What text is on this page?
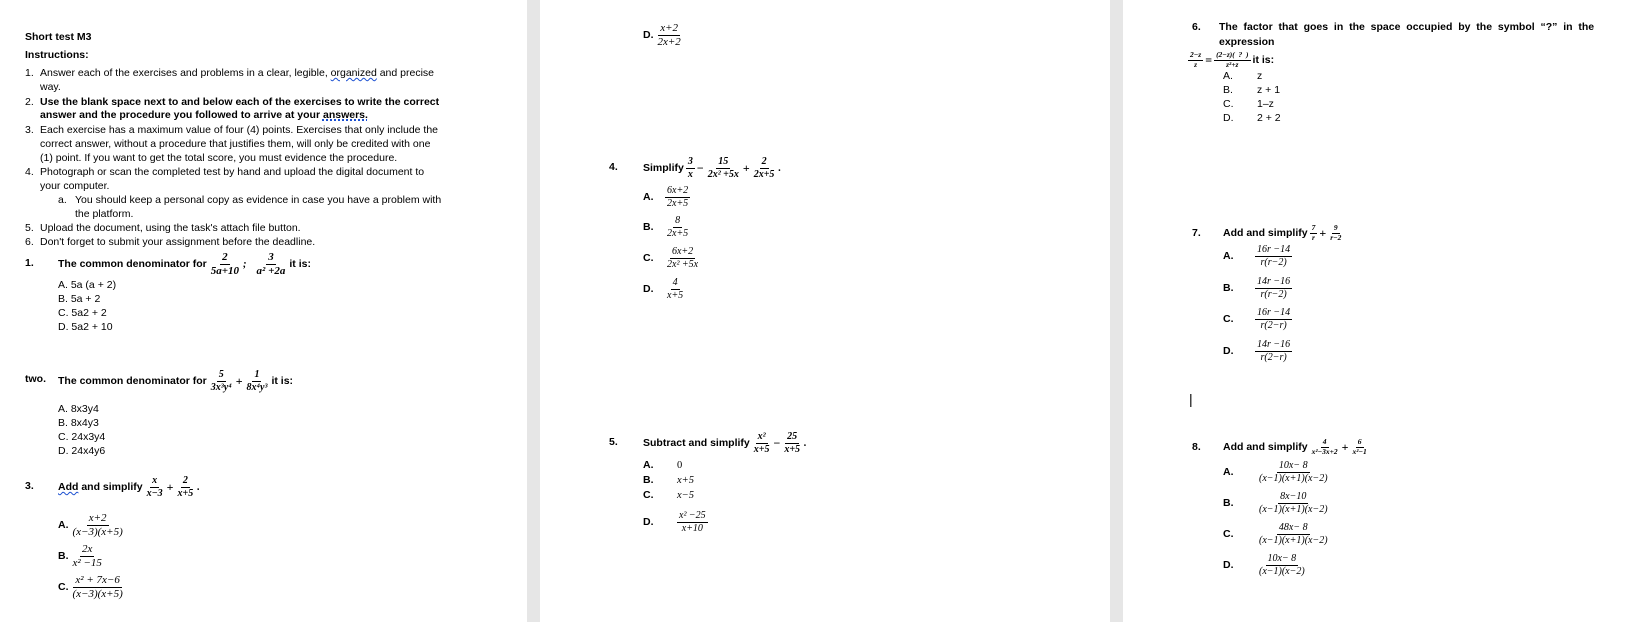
Short test M3
Instructions:
1. Answer each of the exercises and problems in a clear, legible, organized and precise
way.
2. Use the blank space next to and below each of the exercises to write the correct
answer and the procedure you followed to arrive at your answers.
3. Each exercise has a maximum value of four (4) points. Exercises that only include the
correct answer, without a procedure that justifies them, will only be credited with one
(1) point. If you want to get the total score, you must evidence the procedure.
4. Photograph or scan the completed test by hand and upload the digital document to
your computer.
a. You should keep a personal copy as evidence in case you have a problem with
the platform.
5. Upload the document, using the task's attach file button.
6. Don't forget to submit your assignment before the deadline.
1. The common denominator for $\frac{2}{5a+10}$ ; $\frac{3}{\text{a² +2a}}$ it is:
A. 5a (a + 2)
B. 5a + 2
C. 5a2 + 2
D. 5a2 + 10
two. The common denominator for $\frac{5}{\text{3x³y⁴}} + \frac{1}{\text{8x⁴y³}}$ it is:
A. 8x3y4
B. 8x4y3
C. 24x3y4
D. 24x4y6
3. Add and simplify $\frac{x}{x-3} + \frac{2}{x+5}$ .
A. $\frac{x+2}{(x-3)(x+5)}$
B. $\frac{2x}{\text{x² −15}}$
C. $\frac{\text{x² + 7x−6}}{(x-3)(x+5)}$
D. $\frac{x+2}{2x+2}$
4. Simplify $\frac{3}{x} - \frac{15}{\text{2x² +5x}} + \frac{2}{2x+5}$ .
A.	$\frac{6x+2}{2x+5}$
B.	$\frac{8}{2x+5}$
C.	$\frac{6x+2}{\text{2x² +5x}}$
D.	$\frac{4}{x+5}$
5. Subtract and simplify $\frac{\text{x²}}{x+5} - \frac{25}{x+5}$ .
A. 0
B. x+5
C. x−5
D.	$\frac{\text{x² −25}}{x+10}$
6. The  factor  that  goes  in  the  space  occupied  by  the  symbol  “?”  in  the
expression
$\frac{2-z}{z} = \frac{(2-z)( ? )}{\text{z²+z}}$ it is:
A. z
B. z + 1
C. 1–z
D. 2 + 2
7. Add and simplify $\frac{7}{r} + \frac{9}{r-2}$
A.	$\frac{16r -14}{r(r-2)}$
B.	$\frac{14r -16}{r(r-2)}$
C.	$\frac{16r -14}{r(2-r)}$
D.	$\frac{14r -16}{r(2-r)}$
|
8. Add and simplify $\frac{4}{\text{x²−3x+2}} + \frac{6}{\text{x²−1}}$
A.	$\frac{10x- 8}{(x-1)(x+1)(x-2)}$
B.	$\frac{8x-10}{(x-1)(x+1)(x-2)}$
C.	$\frac{48x- 8}{(x-1)(x+1)(x-2)}$
D.	$\frac{10x- 8}{(x-1)(x-2)}$
